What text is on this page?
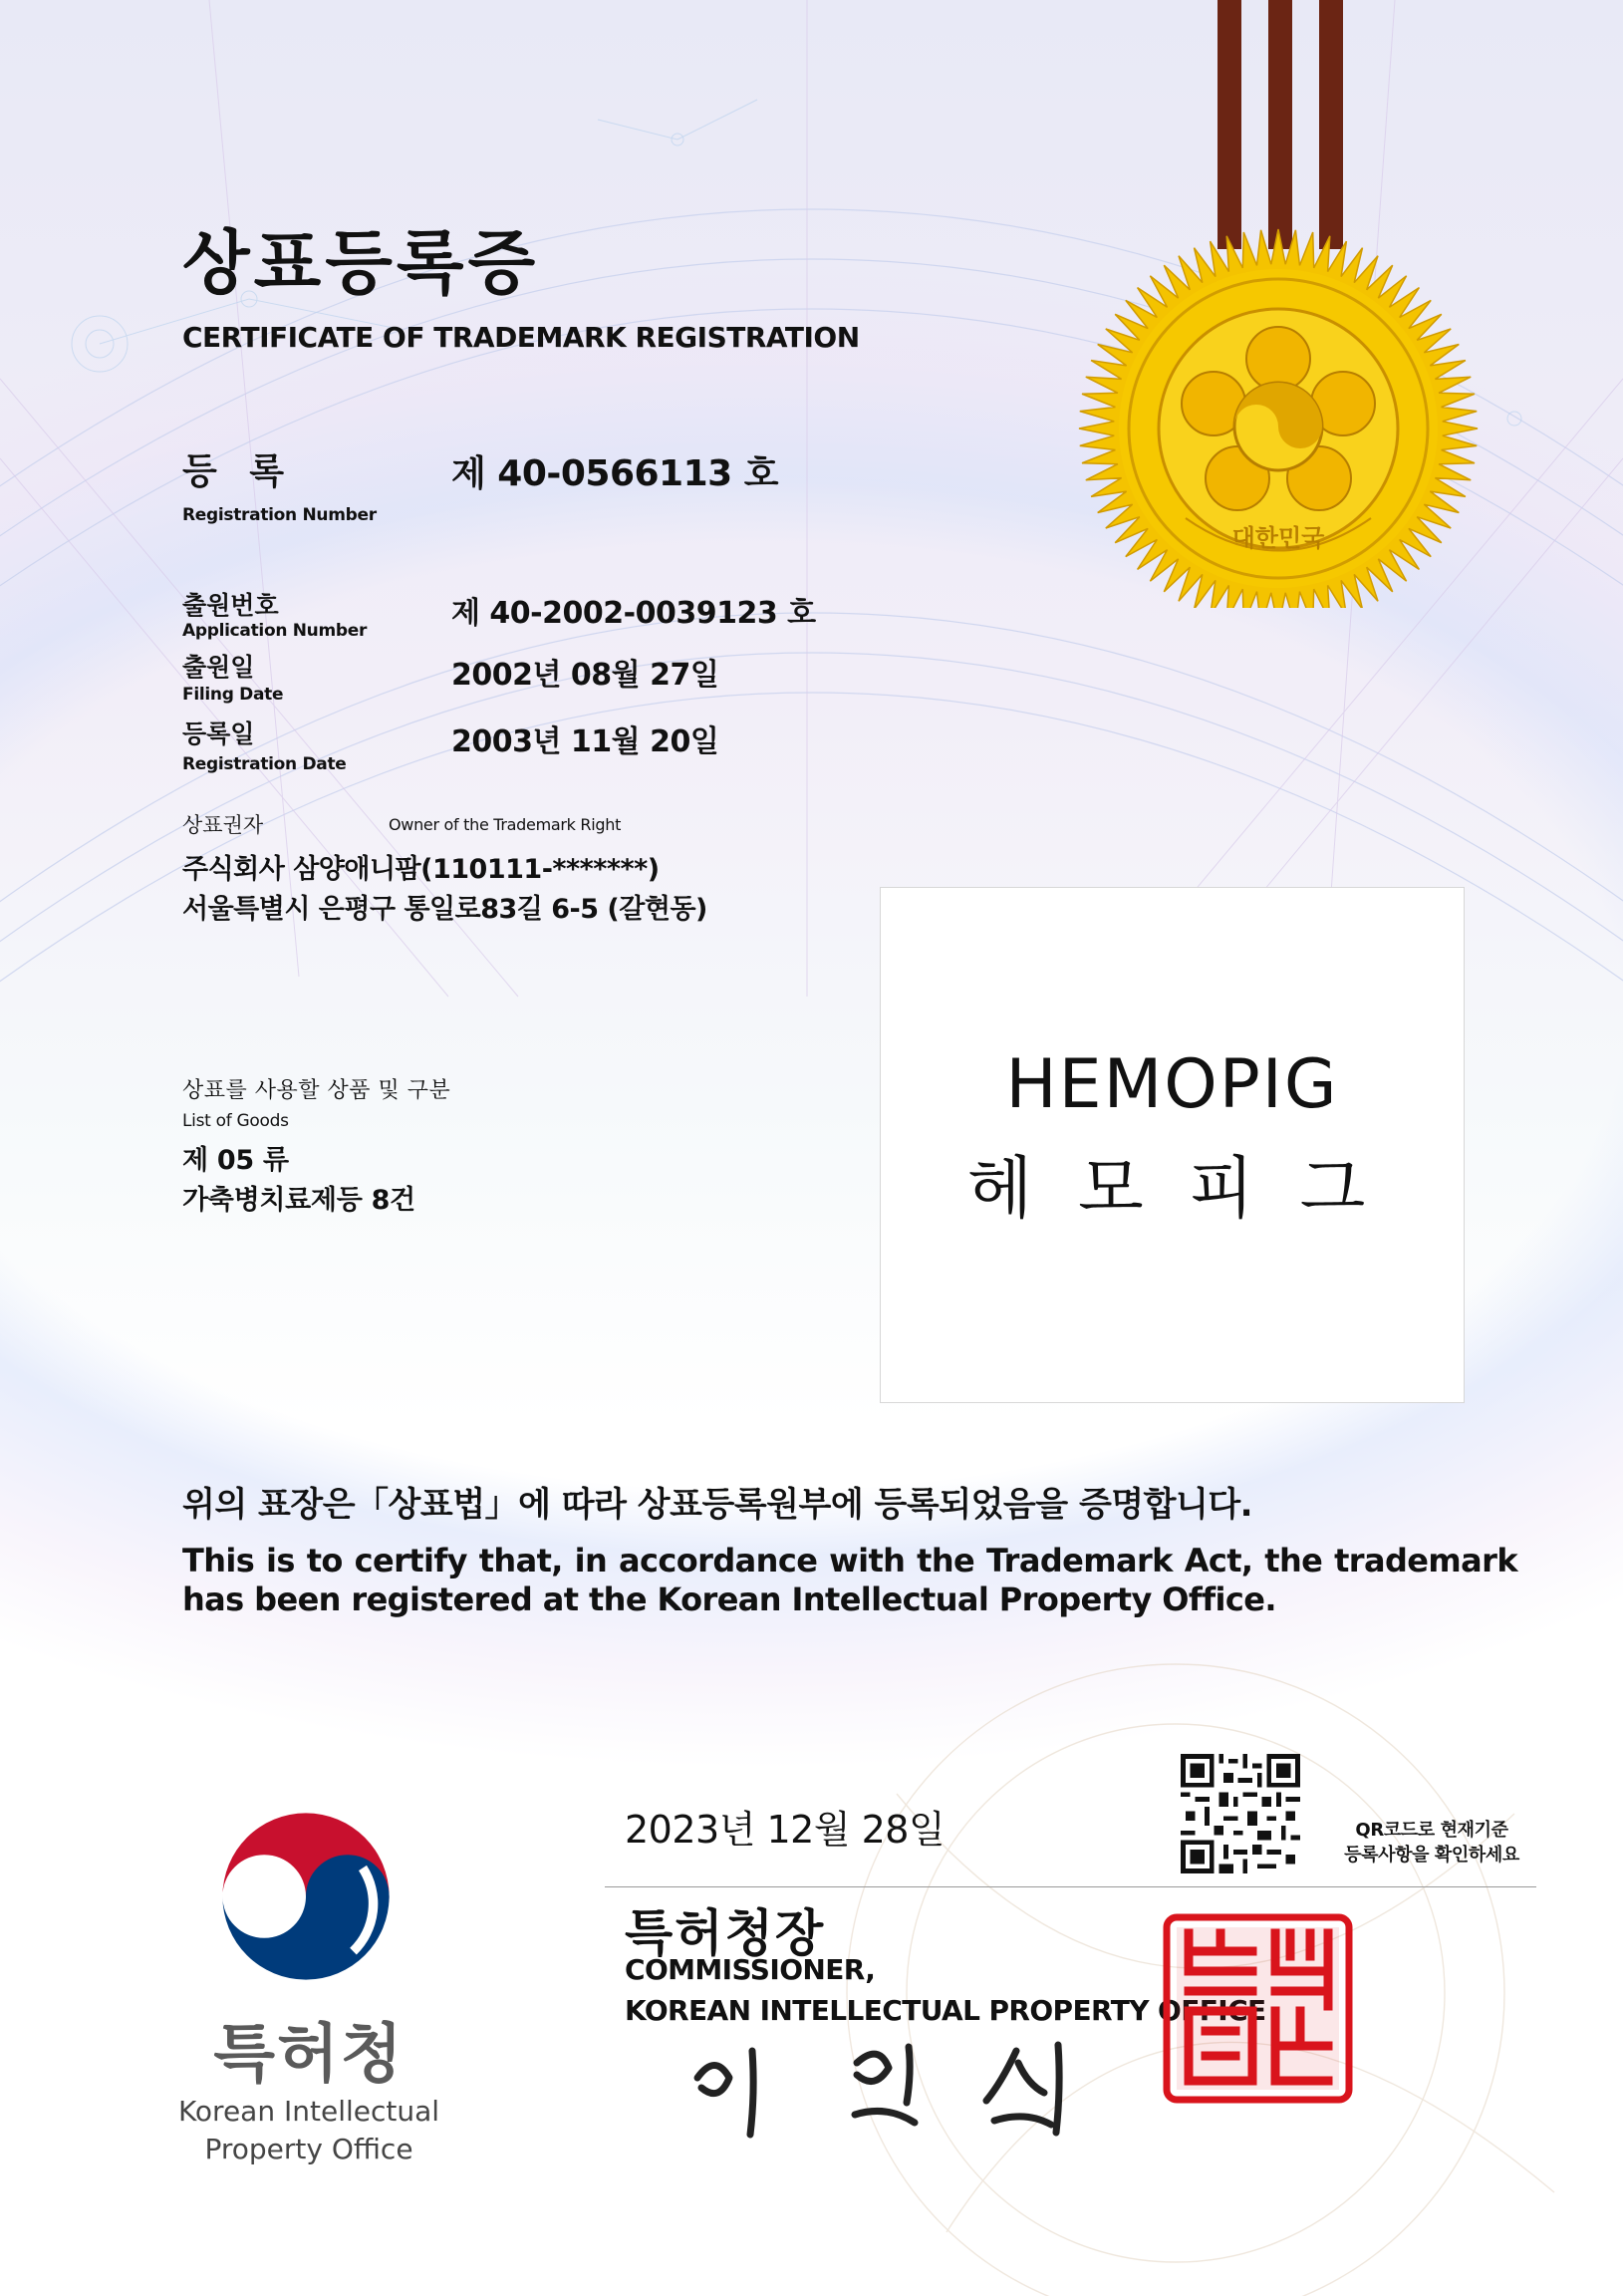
대한민국
상표등록증
CERTIFICATE OF TRADEMARK REGISTRATION
등 록
Registration Number
제 40-0566113 호
출원번호
Application Number	제 40-2002-0039123 호
출원일
Filing Date
2002년 08월 27일
등록일
Registration Date
2003년 11월 20일
상표권자	Owner of the Trademark Right
주식회사 삼양애니팜(110111-*******)
서울특별시 은평구 통일로83길 6-5 (갈현동)
상표를 사용할 상품 및 구분
List of Goods
제 05 류
가축병치료제등 8건
HEMOPIG
헤 모 피 그
위의 표장은「상표법」에 따라 상표등록원부에 등록되었음을 증명합니다.
This is to certify that, in accordance with the Trademark Act, the trademark has been registered at the Korean Intellectual Property Office.
특허청
Korean Intellectual
Property Office
2023년 12월 28일
특허청장
COMMISSIONER,
KOREAN INTELLECTUAL PROPERTY OFFICE
QR코드로 현재기준
등록사항을 확인하세요
